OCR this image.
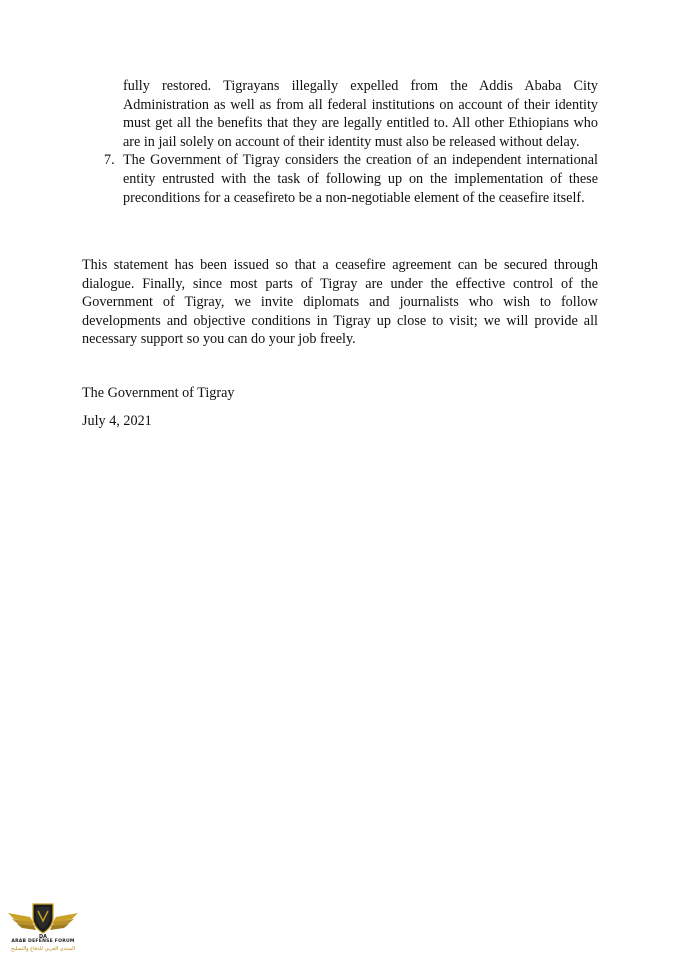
fully restored. Tigrayans illegally expelled from the Addis Ababa City Administration as well as from all federal institutions on account of their identity must get all the benefits that they are legally entitled to. All other Ethiopians who are in jail solely on account of their identity must also be released without delay.
7. The Government of Tigray considers the creation of an independent international entity entrusted with the task of following up on the implementation of these preconditions for a ceasefireto be a non-negotiable element of the ceasefire itself.

This statement has been issued so that a ceasefire agreement can be secured through dialogue. Finally, since most parts of Tigray are under the effective control of the Government of Tigray, we invite diplomats and journalists who wish to follow developments and objective conditions in Tigray up close to visit; we will provide all necessary support so you can do your job freely.

The Government of Tigray

July 4, 2021

DA
ARAB DEFENSE FORUM
المنتدى العربي للدفاع والتسليح
